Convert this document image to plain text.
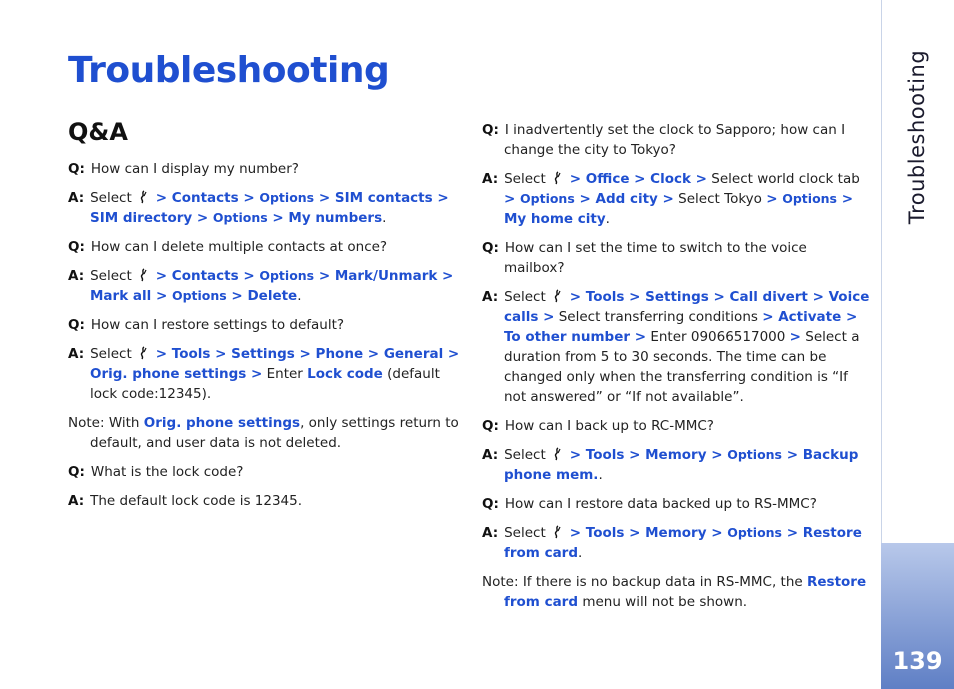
Troubleshooting
Q&A

Q: How can I display my number?

A: Select > Contacts > Options > SIM contacts > SIM directory > Options > My numbers.

Q: How can I delete multiple contacts at once?

A: Select > Contacts > Options > Mark/Unmark > Mark all > Options > Delete.

Q: How can I restore settings to default?

A: Select > Tools > Settings > Phone > General > Orig. phone settings > Enter Lock code (default lock code:12345).

Note: With Orig. phone settings, only settings return to default, and user data is not deleted.

Q: What is the lock code?

A: The default lock code is 12345.

Q: I inadvertently set the clock to Sapporo; how can I change the city to Tokyo?

A: Select > Office > Clock > Select world clock tab > Options > Add city > Select Tokyo > Options > My home city.

Q: How can I set the time to switch to the voice mailbox?

A: Select > Tools > Settings > Call divert > Voice calls > Select transferring conditions > Activate > To other number > Enter 09066517000 > Select a duration from 5 to 30 seconds. The time can be changed only when the transferring condition is “If not answered” or “If not available”.

Q: How can I back up to RC-MMC?

A: Select > Tools > Memory > Options > Backup phone mem..

Q: How can I restore data backed up to RS-MMC?

A: Select > Tools > Memory > Options > Restore from card.

Note: If there is no backup data in RS-MMC, the Restore from card menu will not be shown.

Troubleshooting
139
